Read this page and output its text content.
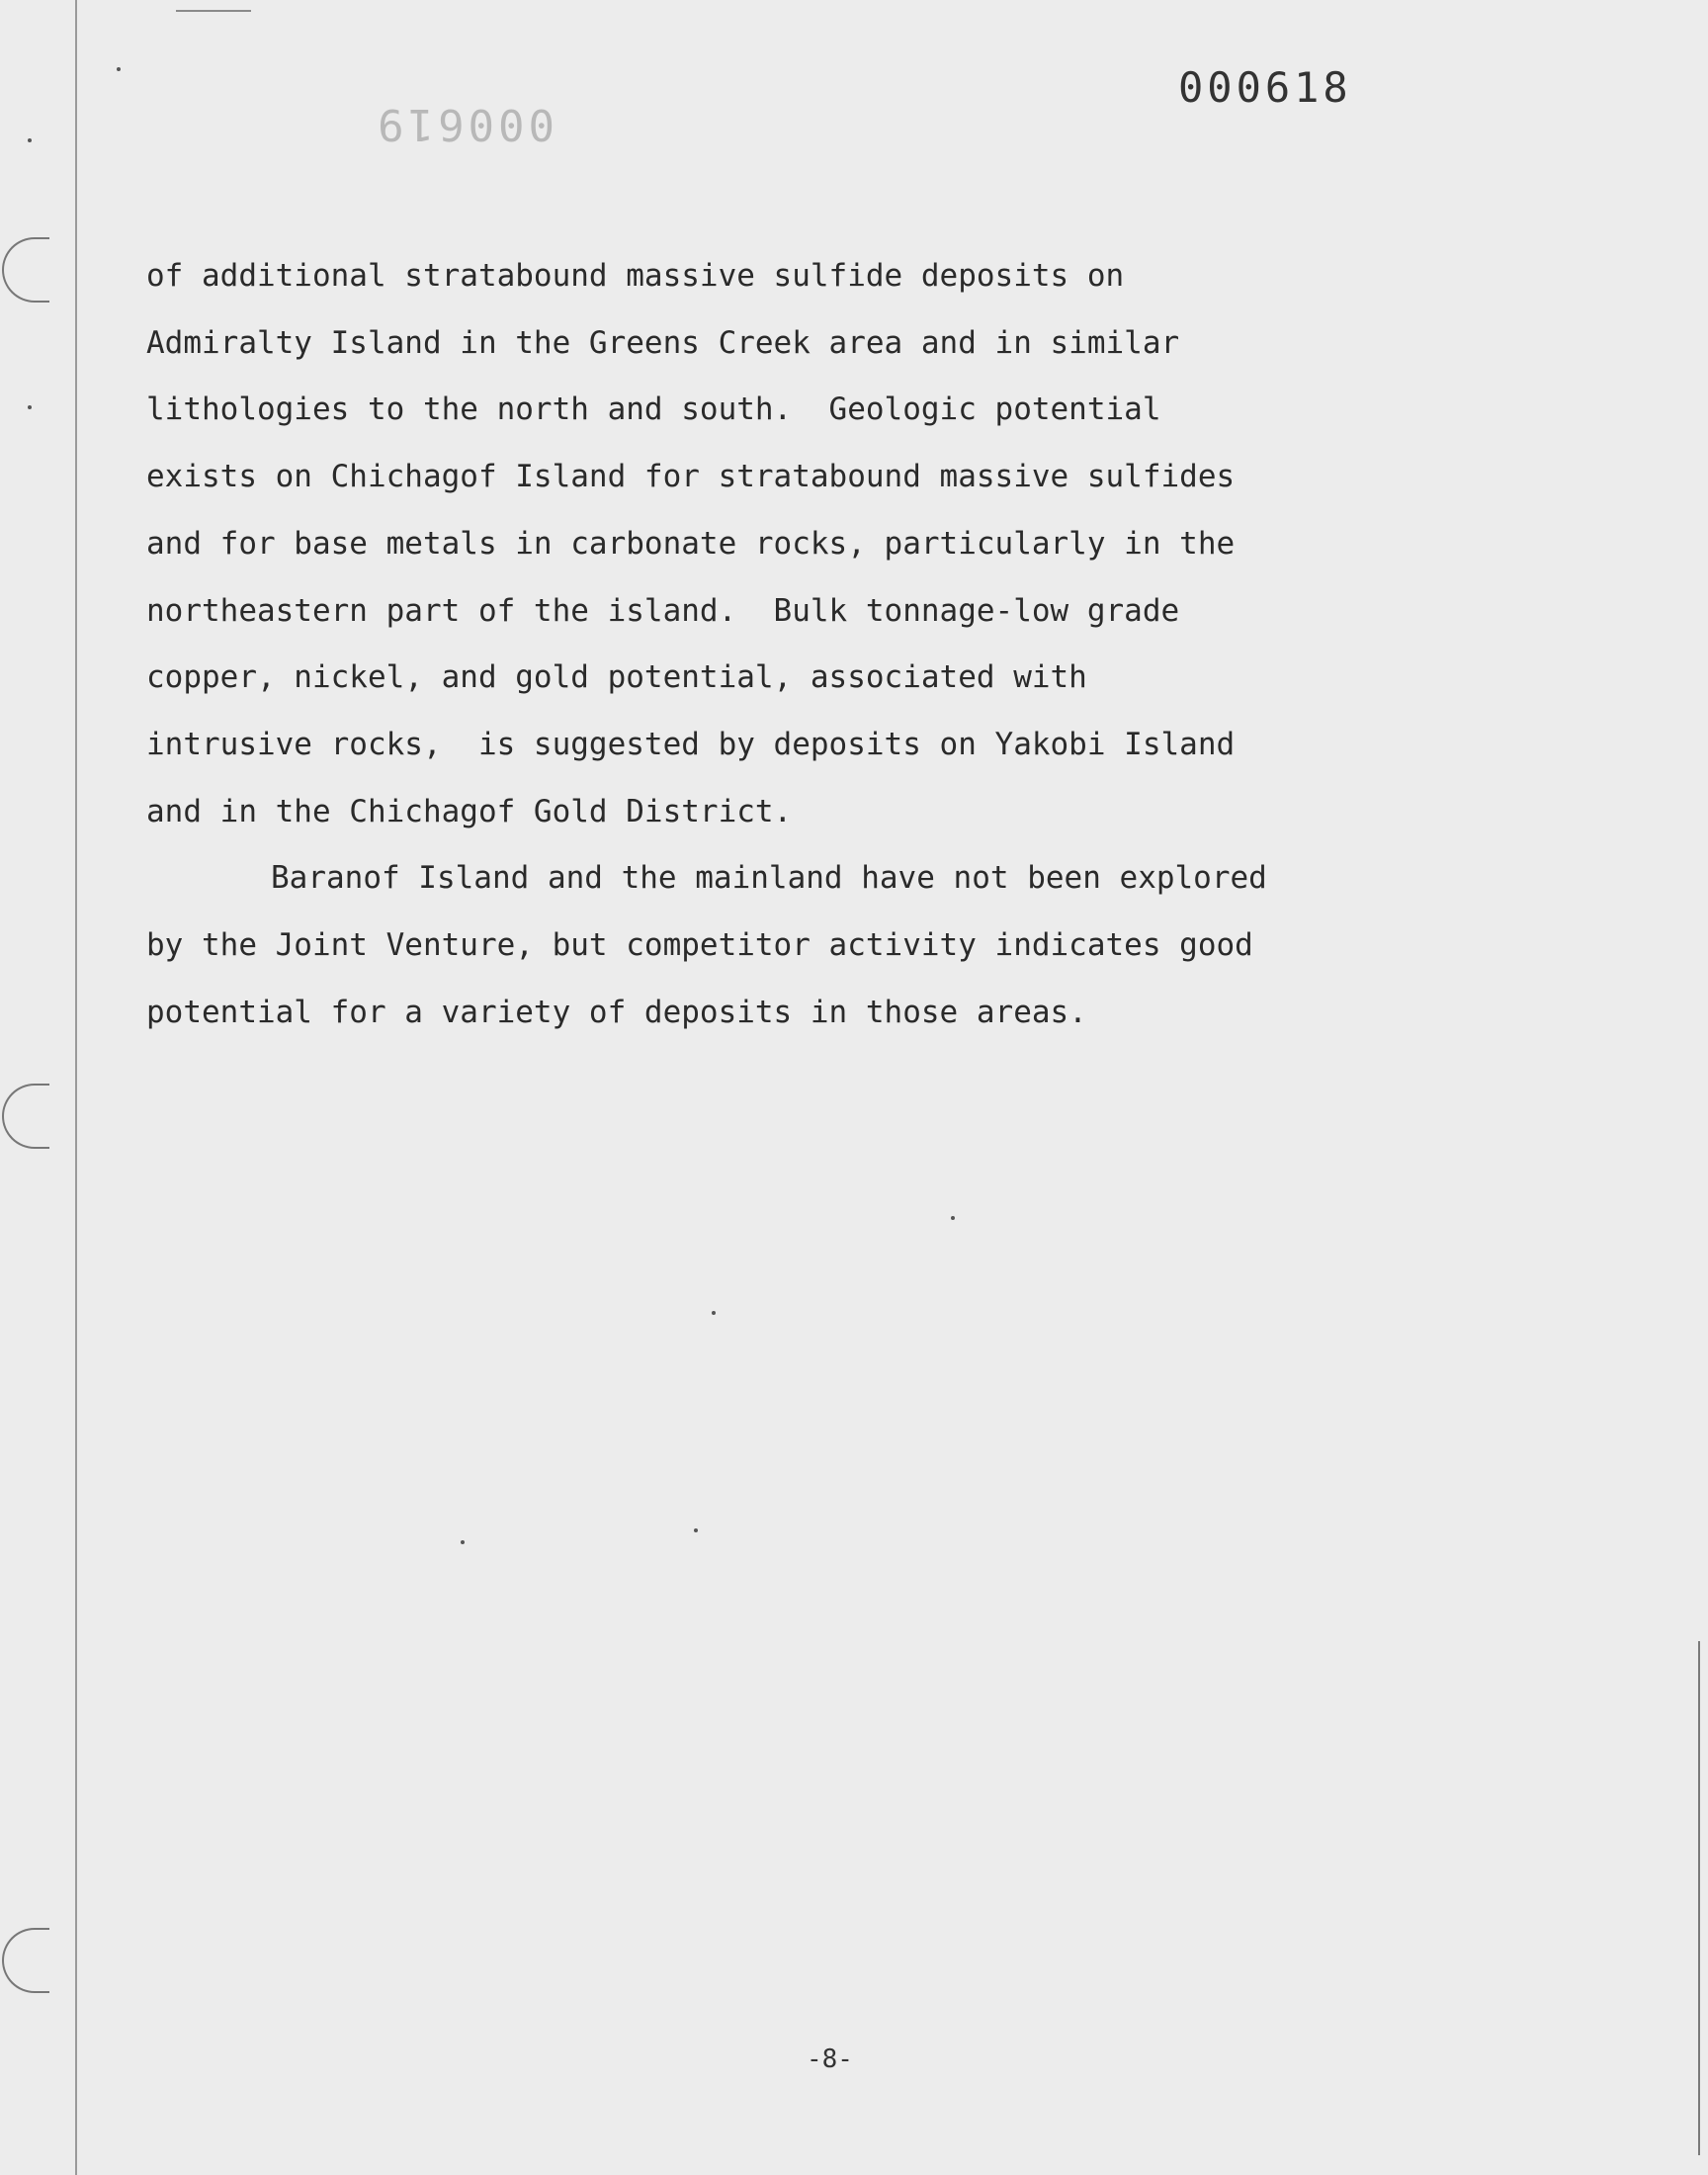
000618
000619
of additional stratabound massive sulfide deposits on
Admiralty Island in the Greens Creek area and in similar
lithologies to the north and south.  Geologic potential
exists on Chichagof Island for stratabound massive sulfides
and for base metals in carbonate rocks, particularly in the
northeastern part of the island.  Bulk tonnage-low grade
copper, nickel, and gold potential, associated with
intrusive rocks,  is suggested by deposits on Yakobi Island
and in the Chichagof Gold District.
Baranof Island and the mainland have not been explored
by the Joint Venture, but competitor activity indicates good
potential for a variety of deposits in those areas.
-8-
